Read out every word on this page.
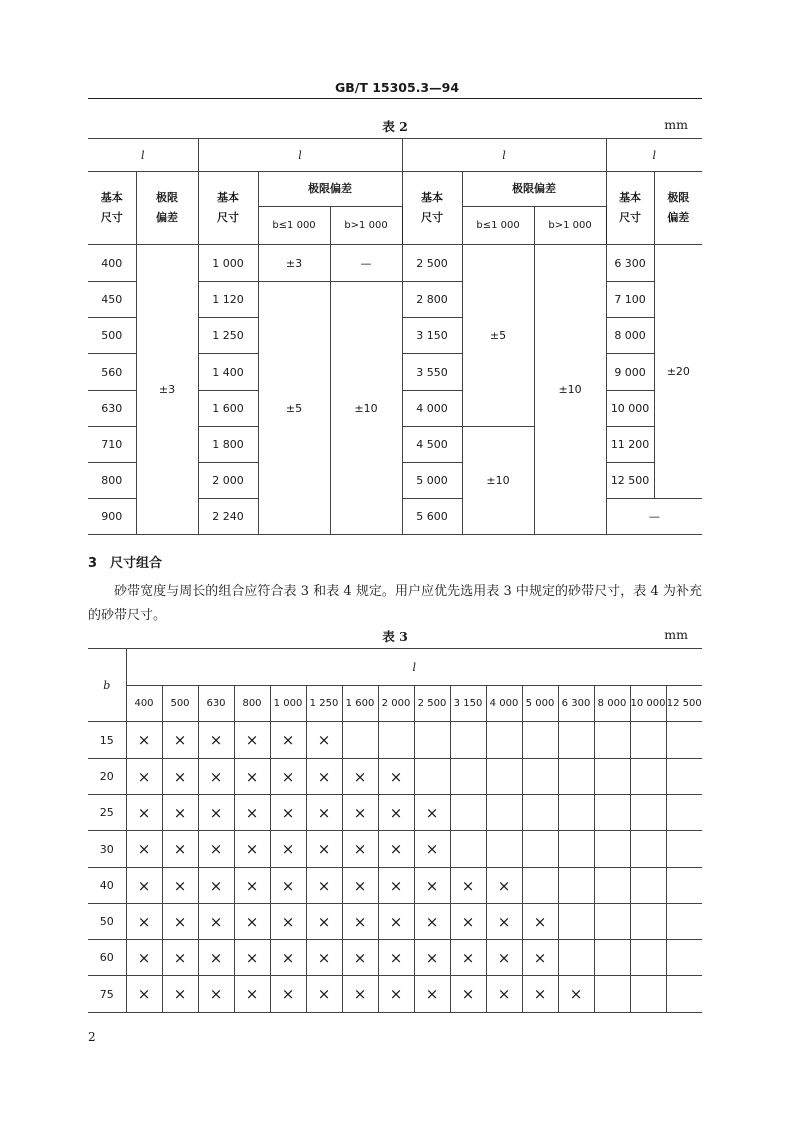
GB/T 15305.3—94
表 2	mm
l		l			l			l	

基本尺寸	极限偏差	基本尺寸	极限偏差		基本尺寸	极限偏差		基本尺寸	极限偏差

			b≤1 000	b>1 000		b≤1 000	b>1 000		
400	±3	1 000	±3	—	2 500	±5	±10	6 300	±20
450		1 120	±5	±10	2 800			7 100	
500		1 250			3 150			8 000	
560		1 400			3 550			9 000	
630		1 600			4 000			10 000	
710		1 800			4 500	±10		11 200	
800		2 000			5 000			12 500	
900		2 240			5 600			—	
3　尺寸组合
砂带宽度与周长的组合应符合表 3 和表 4 规定。用户应优先选用表 3 中规定的砂带尺寸，表 4 为补充的砂带尺寸。
表 3	mm
b	l															
	400	500	630	800	1 000	1 250	1 600	2 000	2 500	3 150	4 000	5 000	6 300	8 000	10 000	12 500
15	×	×	×	×	×	×										
20	×	×	×	×	×	×	×	×								
25	×	×	×	×	×	×	×	×	×							
30	×	×	×	×	×	×	×	×	×							
40	×	×	×	×	×	×	×	×	×	×	×					
50	×	×	×	×	×	×	×	×	×	×	×	×				
60	×	×	×	×	×	×	×	×	×	×	×	×				
75	×	×	×	×	×	×	×	×	×	×	×	×	×			
2
